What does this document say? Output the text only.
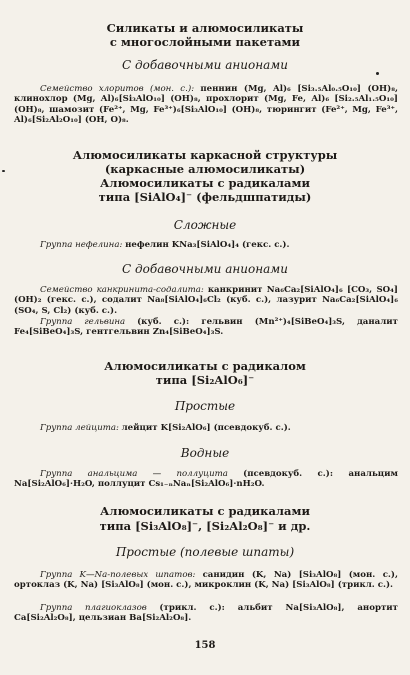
Силикаты и алюмосиликаты
с многослойными пакетами
С добавочными анионами
Семейство хлоритов (мон. с.): пеннин (Mg, Al)₆ [Si₃.₅Al₀.₅O₁₀] (OH)₈, клинохлор (Mg, Al)₆[Si₃AlO₁₀] (OH)₈, прохлорит (Mg, Fe, Al)₆ [Si₂.₅Al₁.₅O₁₀] (OH)₈, шамозит (Fe²⁺, Mg, Fe³⁺)₆[Si₃AlO₁₀] (OH)₈, тюрингит (Fe²⁺, Mg, Fe³⁺, Al)₆[Si₂Al₂O₁₀] (OH, O)₈.
Алюмосиликаты каркасной структуры
(каркасные алюмосиликаты)
Алюмосиликаты с радикалами
типа [SiAlO₄]⁻ (фельдшпатиды)
Сложные
Группа нефелина: нефелин KNa₃[SiAlO₄]₄ (гекс. с.).
С добавочными анионами
Семейство канкринита-содалита: канкринит Na₆Ca₂[SiAlO₄]₆ [CO₃, SO₄] (OH)₂ (гекс. с.), содалит Na₈[SiAlO₄]₆Cl₂ (куб. с.), лазурит Na₆Ca₂[SiAlO₄]₆ (SO₄, S, Cl₂) (куб. с.).
Группа гельвина (куб. с.): гельвин (Mn²⁺)₄[SiBeO₄]₃S, даналит Fe₄[SiBeO₄]₃S, гентгельвин Zn₄[SiBeO₄]₃S.
Алюмосиликаты с радикалом
типа [Si₂AlO₆]⁻
Простые
Группа лейцита: лейцит K[Si₂AlO₆] (псевдокуб. с.).
Водные
Группа анальцима — поллуцита (псевдокуб. с.): анальцим Na[Si₂AlO₆]·H₂O, поллуцит Cs₁₋ₙNaₙ[Si₂AlO₆]·nH₂O.
Алюмосиликаты с радикалами
типа [Si₃AlO₈]⁻, [Si₂Al₂O₈]⁻ и др.
Простые (полевые шпаты)
Группа K—Na-полевых шпатов: санидин (K, Na) [Si₃AlO₈] (мон. с.), ортоклаз (K, Na) [Si₃AlO₈] (мон. с.), микроклин (K, Na) [Si₃AlO₈] (трикл. с.).
Группа плагиоклазов (трикл. с.): альбит Na[Si₃AlO₈], анортит Ca[Si₂Al₂O₈], цельзиан Ba[Si₂Al₂O₈].
158
